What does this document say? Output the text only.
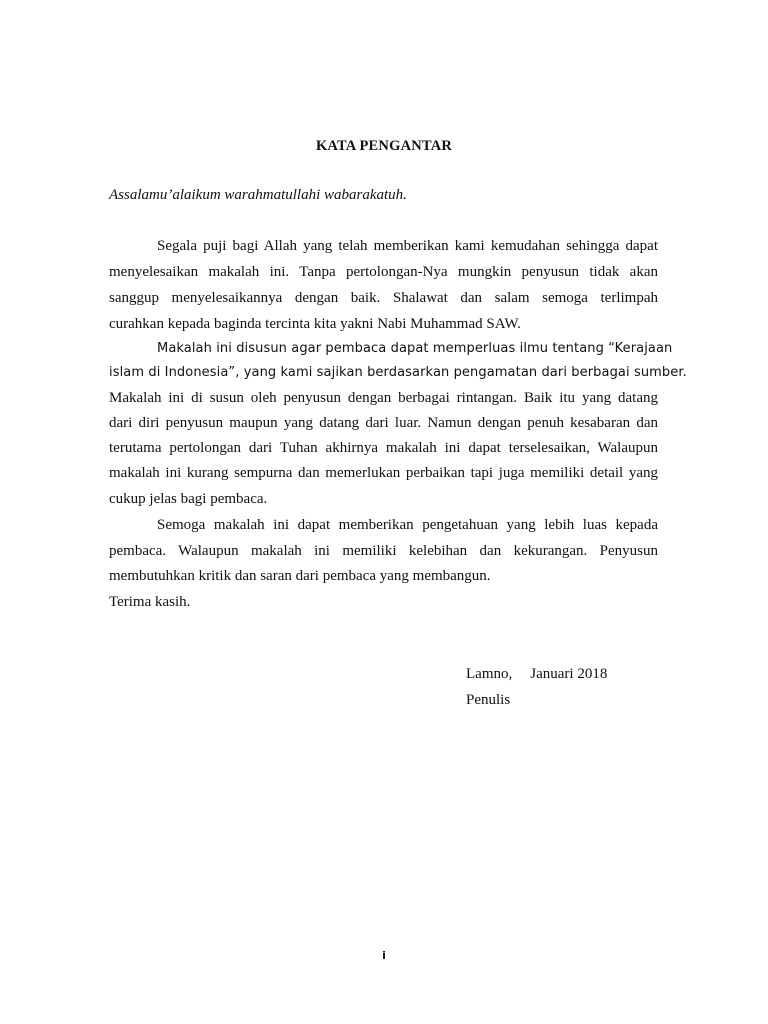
KATA PENGANTAR
Assalamu’alaikum warahmatullahi wabarakatuh.
Segala puji bagi Allah yang telah memberikan kami kemudahan sehingga dapat
menyelesaikan makalah ini. Tanpa pertolongan-Nya mungkin penyusun tidak akan
sanggup menyelesaikannya dengan baik. Shalawat dan salam semoga terlimpah
curahkan kepada baginda tercinta kita yakni Nabi Muhammad SAW.
Makalah ini disusun agar pembaca dapat memperluas ilmu tentang “Kerajaan
islam di Indonesia”, yang kami sajikan berdasarkan pengamatan dari berbagai sumber.
Makalah ini di susun oleh penyusun dengan berbagai rintangan. Baik itu yang datang
dari diri penyusun maupun yang datang dari luar. Namun dengan penuh kesabaran dan
terutama pertolongan dari Tuhan akhirnya makalah ini dapat terselesaikan, Walaupun
makalah ini kurang sempurna dan memerlukan perbaikan tapi juga memiliki detail yang
cukup jelas bagi pembaca.
Semoga makalah ini dapat memberikan pengetahuan yang lebih luas kepada
pembaca. Walaupun makalah ini memiliki kelebihan dan kekurangan. Penyusun
membutuhkan kritik dan saran dari pembaca yang membangun.
Terima kasih.
Lamno, Januari 2018
Penulis
i
